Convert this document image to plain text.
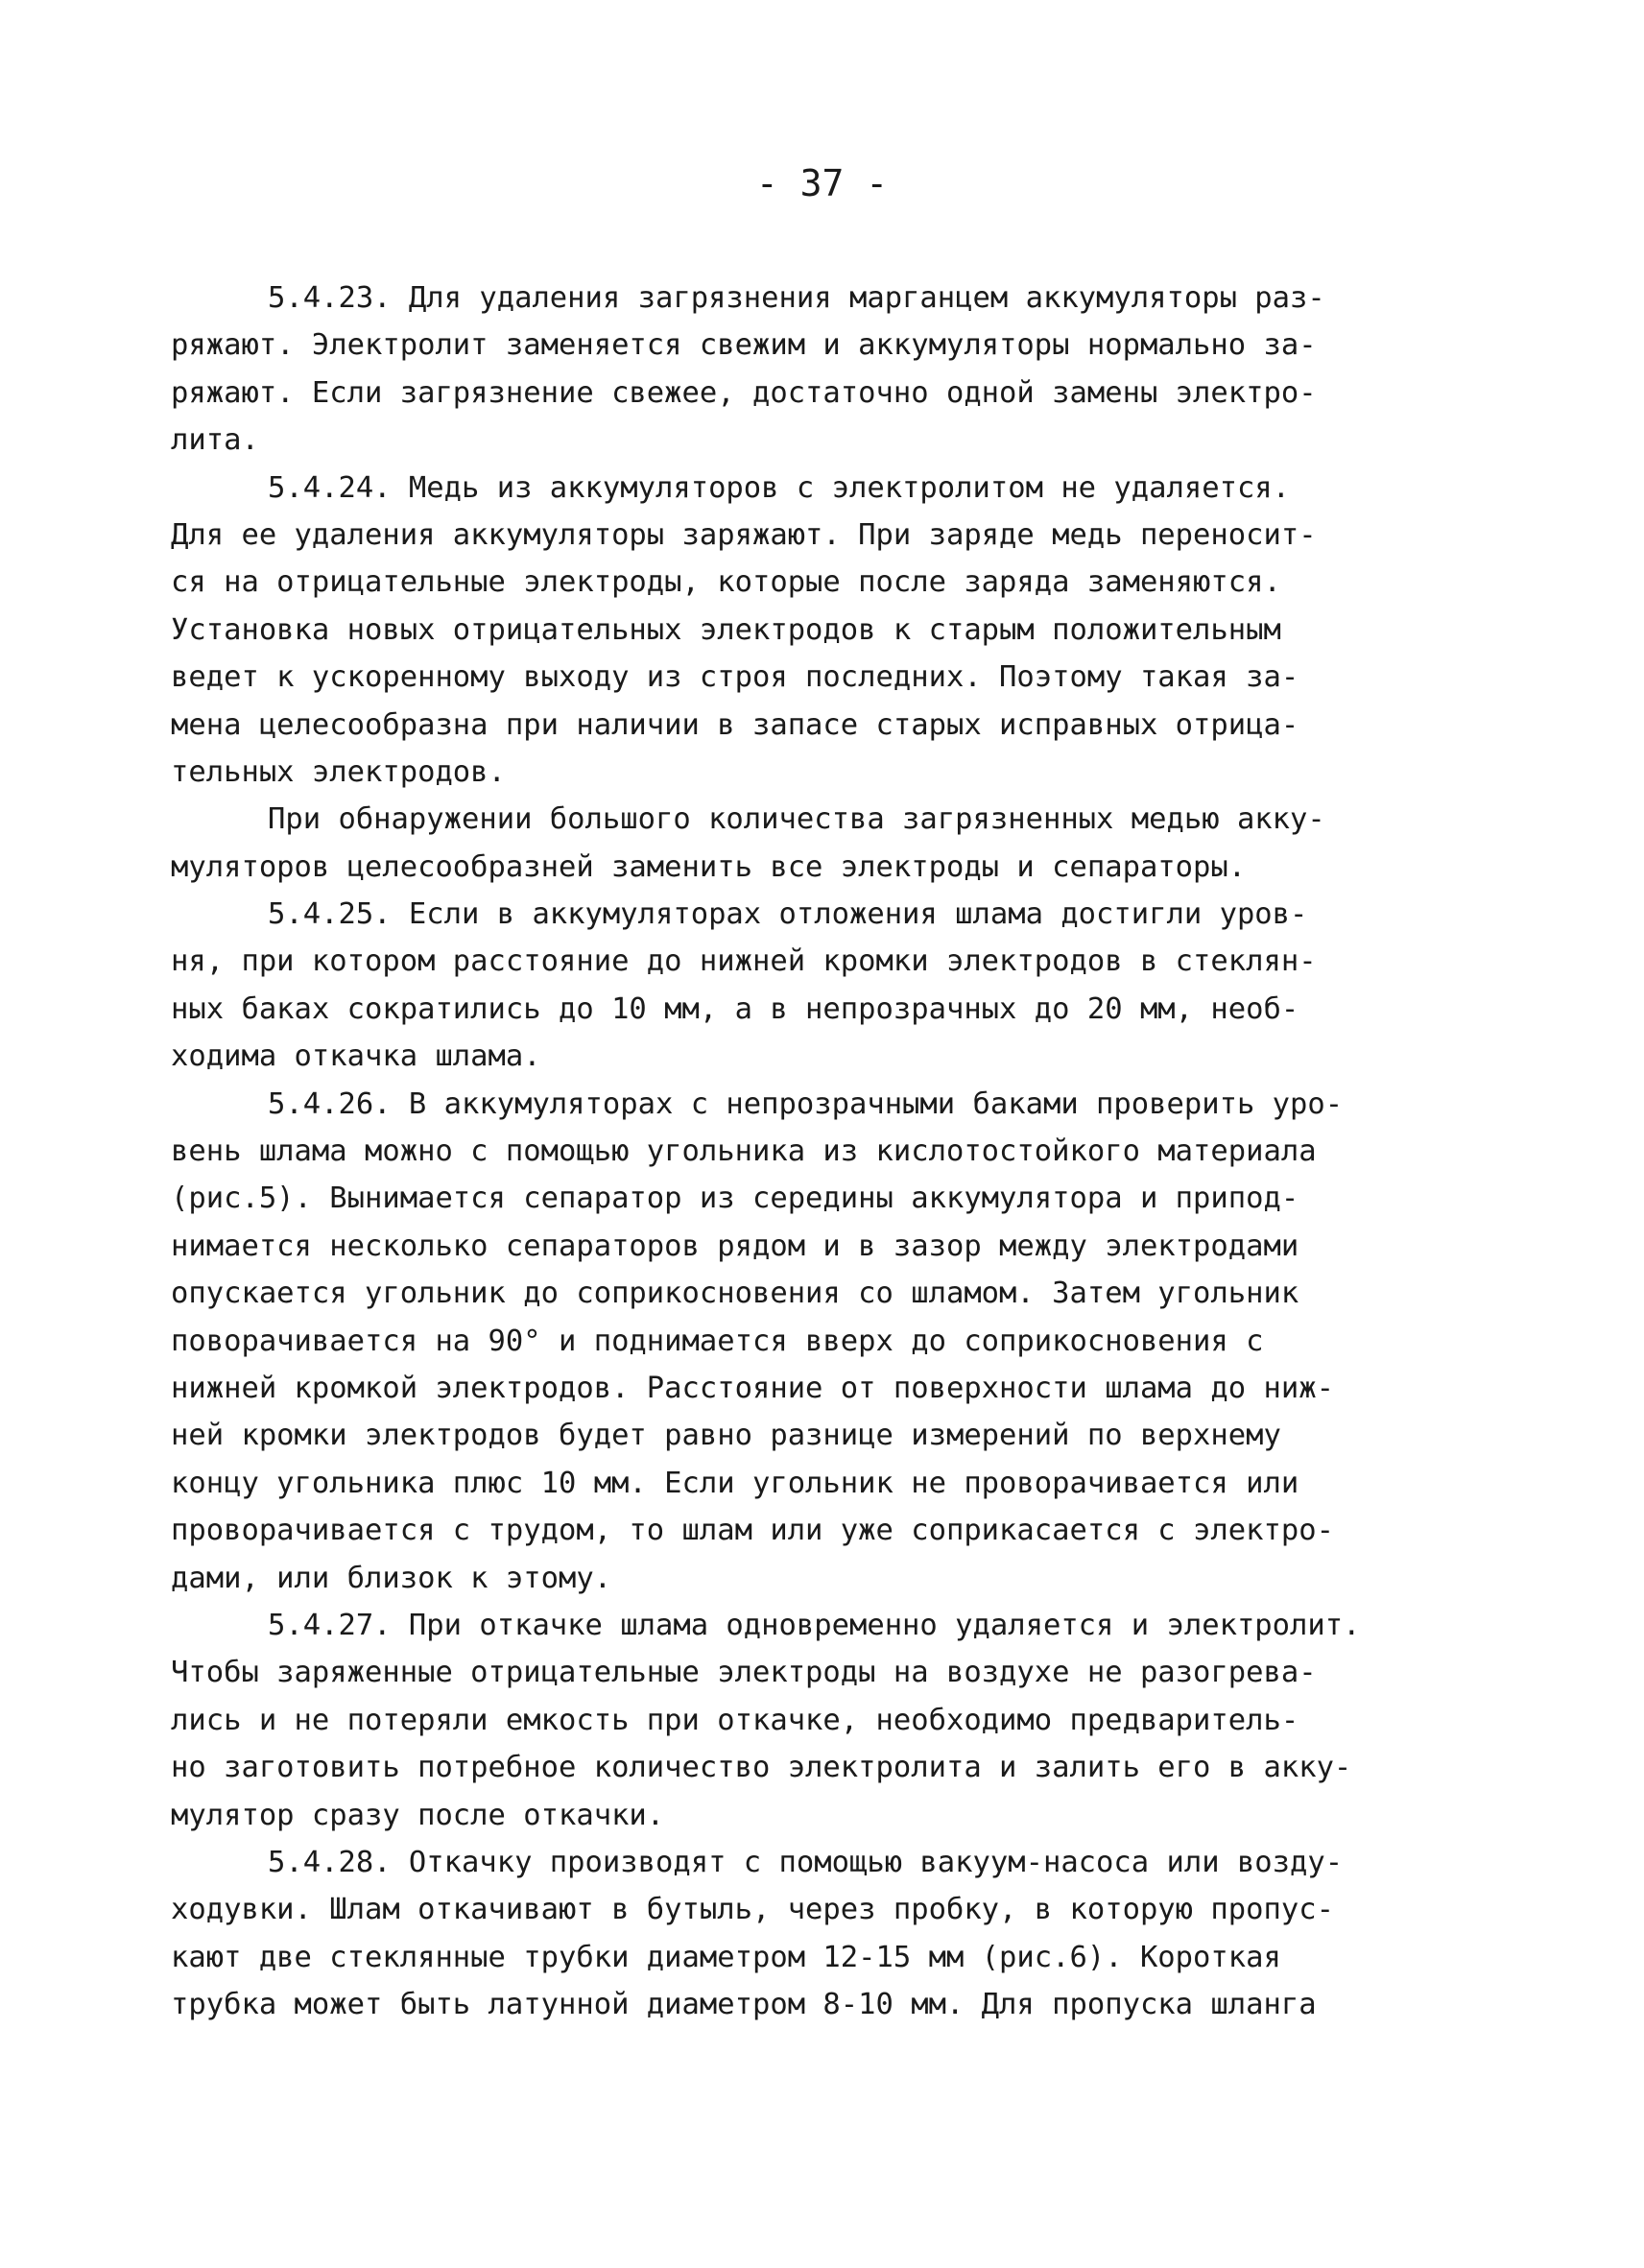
- 37 -
5.4.23. Для удаления загрязнения марганцем аккумуляторы раз-
ряжают. Электролит заменяется свежим и аккумуляторы нормально за-
ряжают. Если загрязнение свежее, достаточно одной замены электро-
лита.
5.4.24. Медь из аккумуляторов с электролитом не удаляется.
Для ее удаления аккумуляторы заряжают. При заряде медь переносит-
ся на отрицательные электроды, которые после заряда заменяются.
Установка новых отрицательных электродов к старым положительным
ведет к ускоренному выходу из строя последних. Поэтому такая за-
мена целесообразна при наличии в запасе старых исправных отрица-
тельных электродов.
При обнаружении большого количества загрязненных медью акку-
муляторов целесообразней заменить все электроды и сепараторы.
5.4.25. Если в аккумуляторах отложения шлама достигли уров-
ня, при котором расстояние до нижней кромки электродов в стеклян-
ных баках сократились до 10 мм, а в непрозрачных до 20 мм, необ-
ходима откачка шлама.
5.4.26. В аккумуляторах с непрозрачными баками проверить уро-
вень шлама можно с помощью угольника из кислотостойкого материала
(рис.5). Вынимается сепаратор из середины аккумулятора и припод-
нимается несколько сепараторов рядом и в зазор между электродами
опускается угольник до соприкосновения со шламом. Затем угольник
поворачивается на 90° и поднимается вверх до соприкосновения с
нижней кромкой электродов. Расстояние от поверхности шлама до ниж-
ней кромки электродов будет равно разнице измерений по верхнему
концу угольника плюс 10 мм. Если угольник не проворачивается или
проворачивается с трудом, то шлам или уже соприкасается с электро-
дами, или близок к этому.
5.4.27. При откачке шлама одновременно удаляется и электролит.
Чтобы заряженные отрицательные электроды на воздухе не разогрева-
лись и не потеряли емкость при откачке, необходимо предваритель-
но заготовить потребное количество электролита и залить его в акку-
мулятор сразу после откачки.
5.4.28. Откачку производят с помощью вакуум-насоса или возду-
ходувки. Шлам откачивают в бутыль, через пробку, в которую пропус-
кают две стеклянные трубки диаметром 12-15 мм (рис.6). Короткая
трубка может быть латунной диаметром 8-10 мм. Для пропуска шланга
